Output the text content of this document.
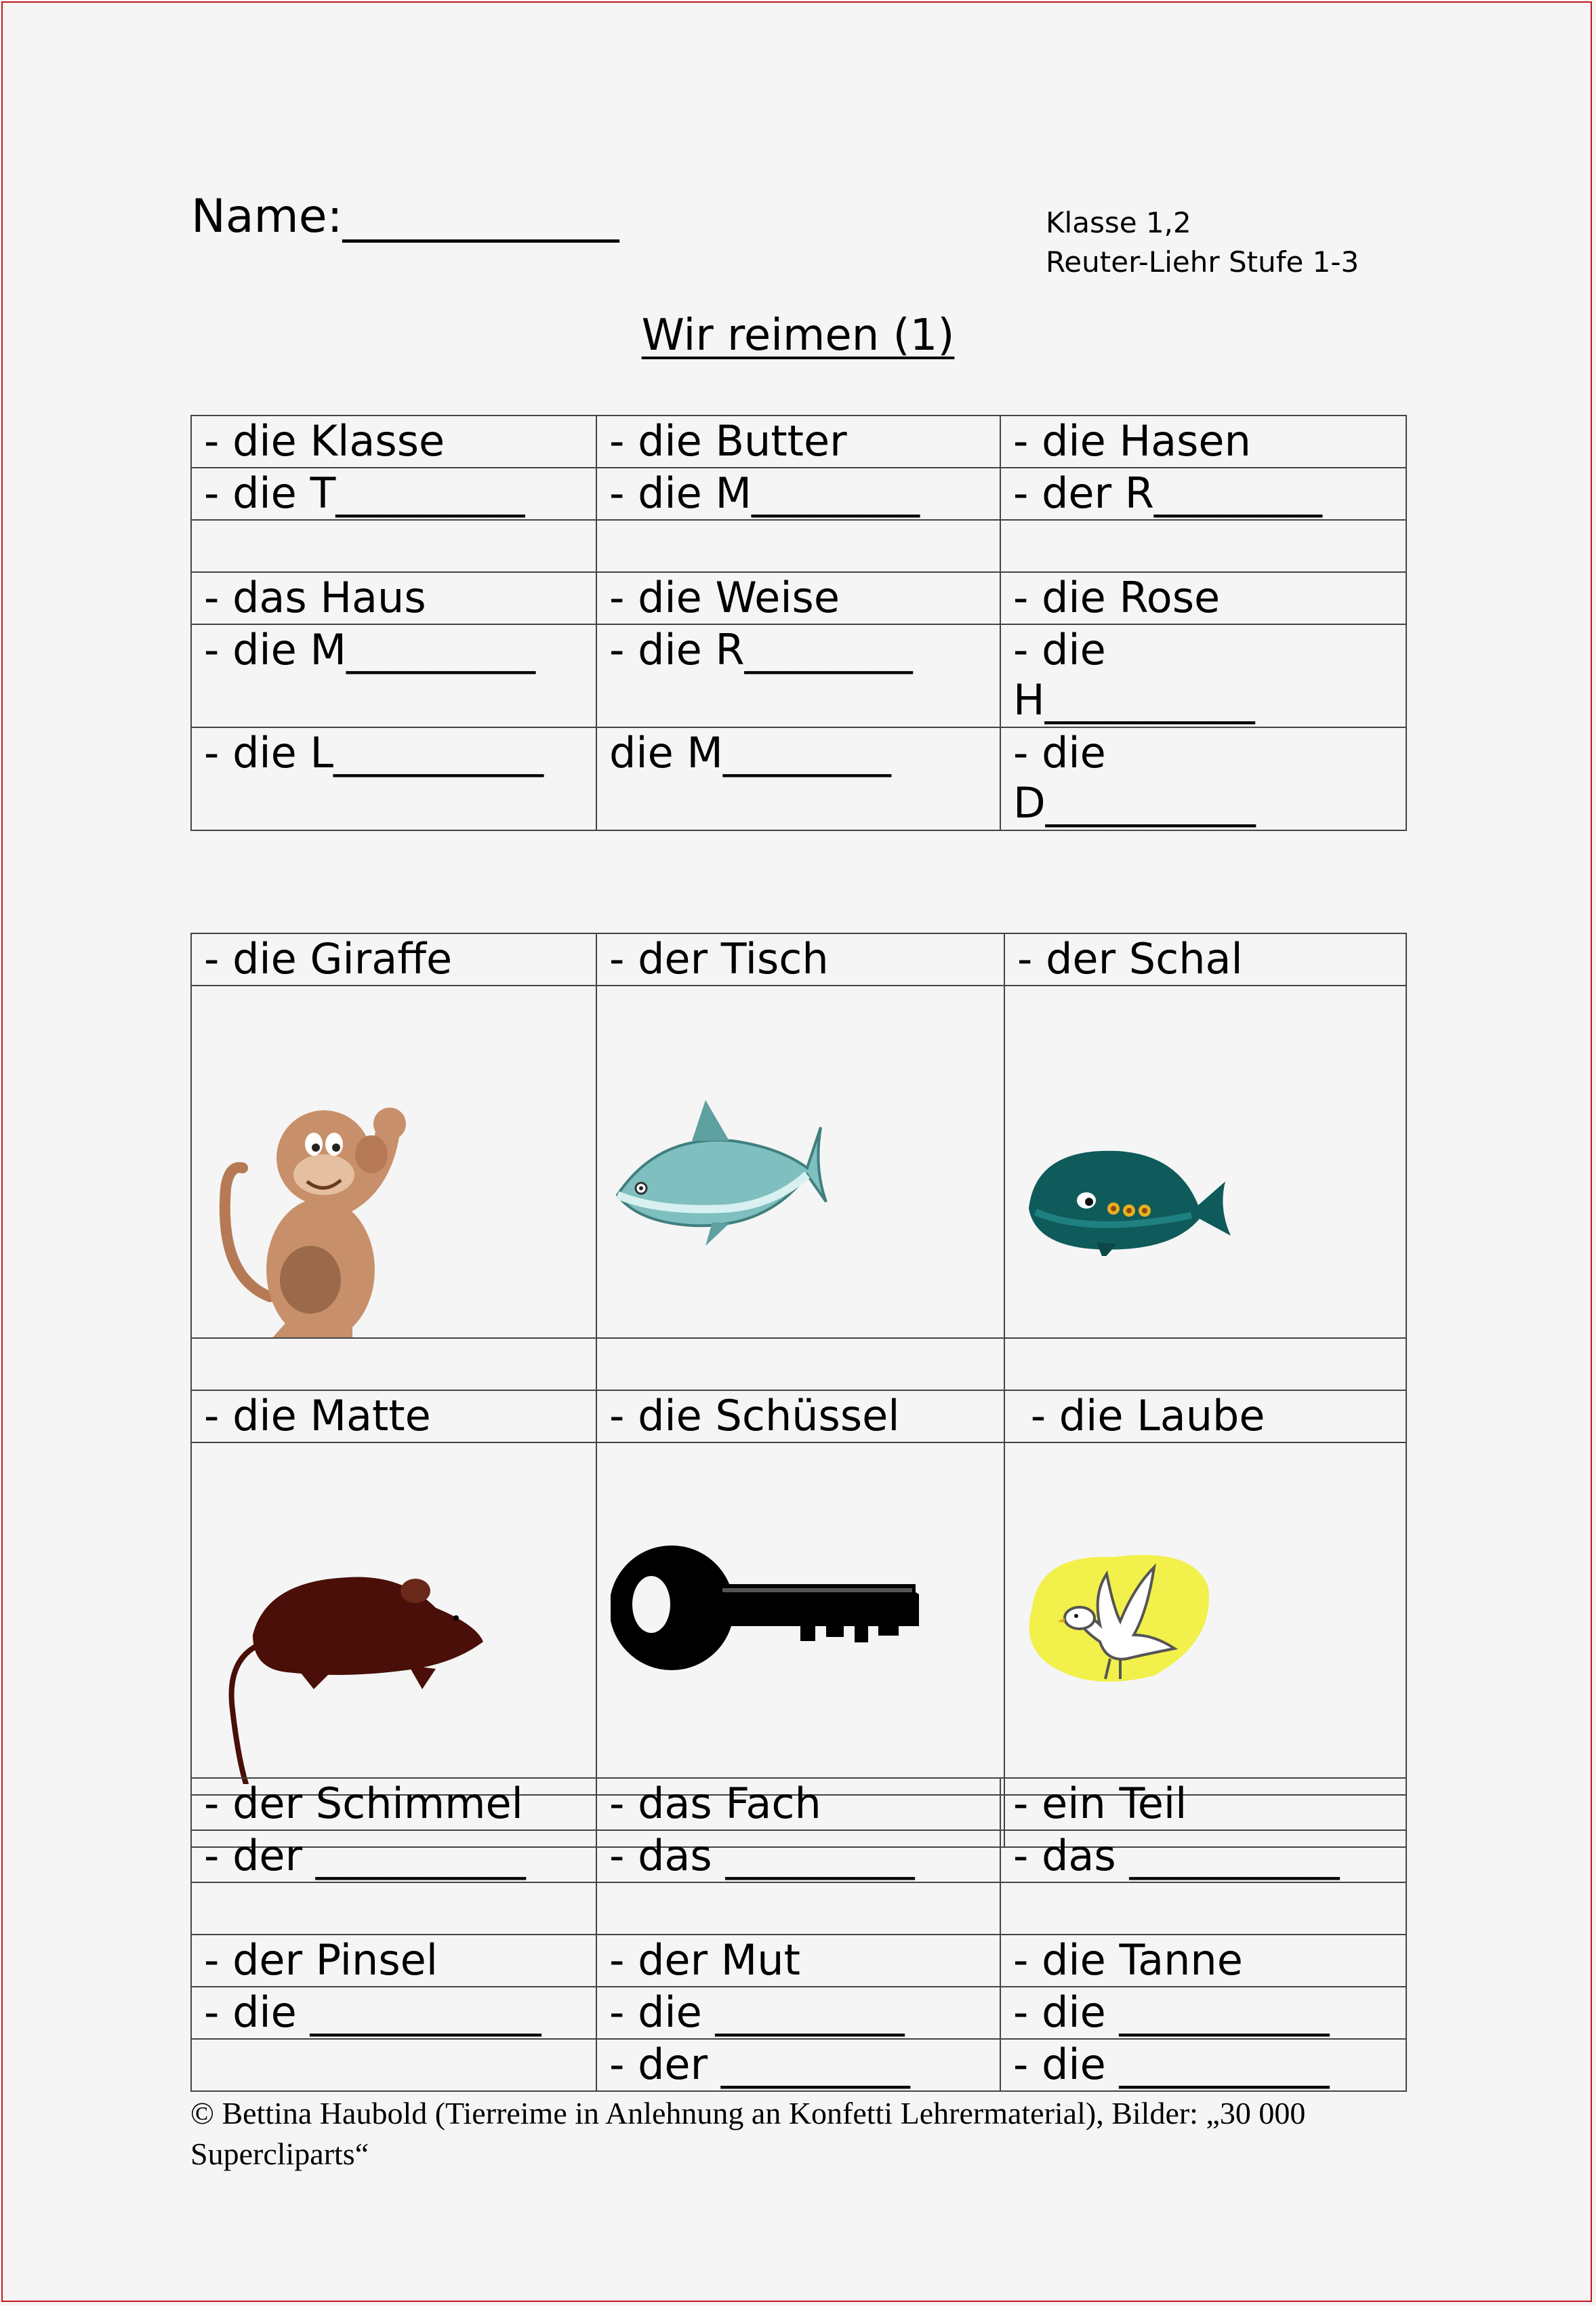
Name:____________	Klasse 1,2
Reuter-Liehr Stufe 1-3
Wir reimen (1)
- die Klasse	- die Butter	- die Hasen
- die T_________	- die M________	- der R________

- das Haus	- die Weise	- die Rose
- die M_________	- die R________	- die H__________
- die L__________	die M________	- die D__________
- die Giraffe	- der Tisch	- der Schal

- die Matte	- die Schüssel	- die Laube

- der Schimmel	- das Fach	- ein Teil
- der __________	- das _________	- das __________

- der Pinsel	- der Mut	- die Tanne
- die ___________	- die _________	- die __________
	- der _________	- die __________
© Bettina Haubold (Tierreime in Anlehnung an Konfetti Lehrermaterial), Bilder: „30 000 Supercliparts“
